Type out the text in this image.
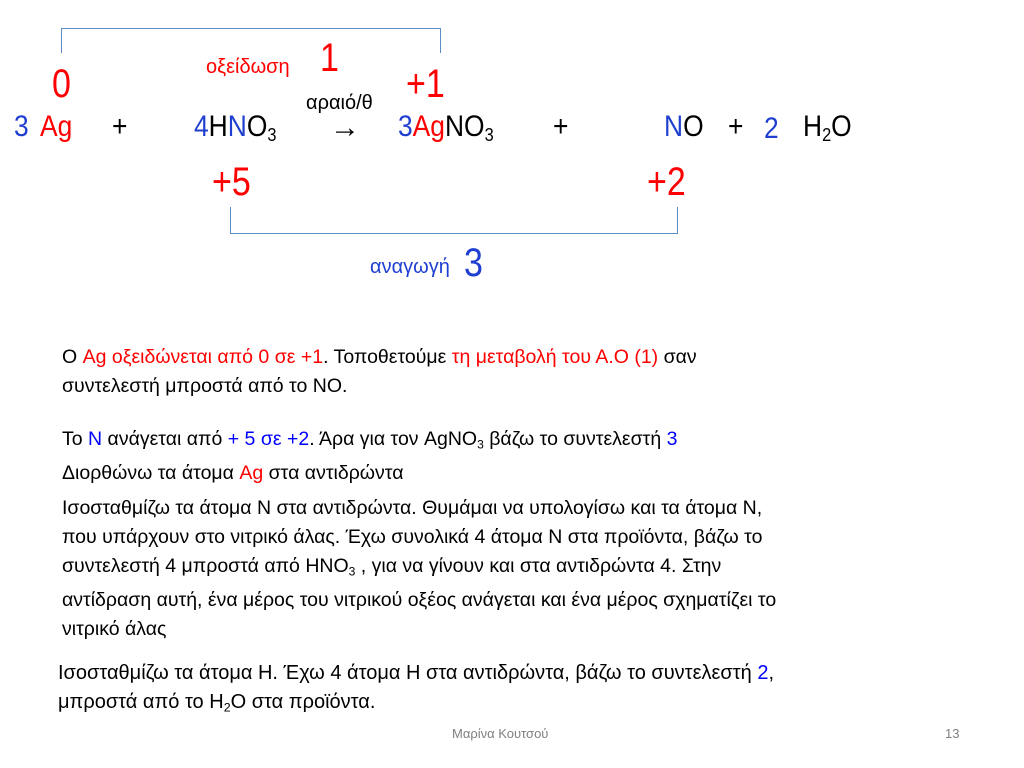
οξείδωση 1
0	+1
αραιό/θ
→
3 $Ag + 4HNO_3$	3AgNO$_3$ +	NO + 2 $H_2O$
+5	+2
αναγωγή 3
Ο Ag οξειδώνεται από 0 σε +1. Τοποθετούμε τη μεταβολή του Α.Ο (1) σαν
συντελεστή μπροστά από το NO.
Το N ανάγεται από + 5 σε +2. Άρα για τον AgNO$_3$ βάζω το συντελεστή 3
Διορθώνω τα άτομα Ag στα αντιδρώντα
Ισοσταθμίζω τα άτομα Ν στα αντιδρώντα. Θυμάμαι να υπολογίσω και τα άτομα Ν,
που υπάρχουν στο νιτρικό άλας. Έχω συνολικά 4 άτομα Ν στα προϊόντα, βάζω το
συντελεστή 4 μπροστά από $HNO_3$ , για να γίνουν και στα αντιδρώντα 4. Στην
αντίδραση αυτή, ένα μέρος του νιτρικού οξέος ανάγεται και ένα μέρος σχηματίζει το
νιτρικό άλας
Ισοσταθμίζω τα άτομα Η. Έχω 4 άτομα Η στα αντιδρώντα, βάζω το συντελεστή 2,
μπροστά από το $H_2O$ στα προϊόντα.
Μαρίνα Κουτσού	13
